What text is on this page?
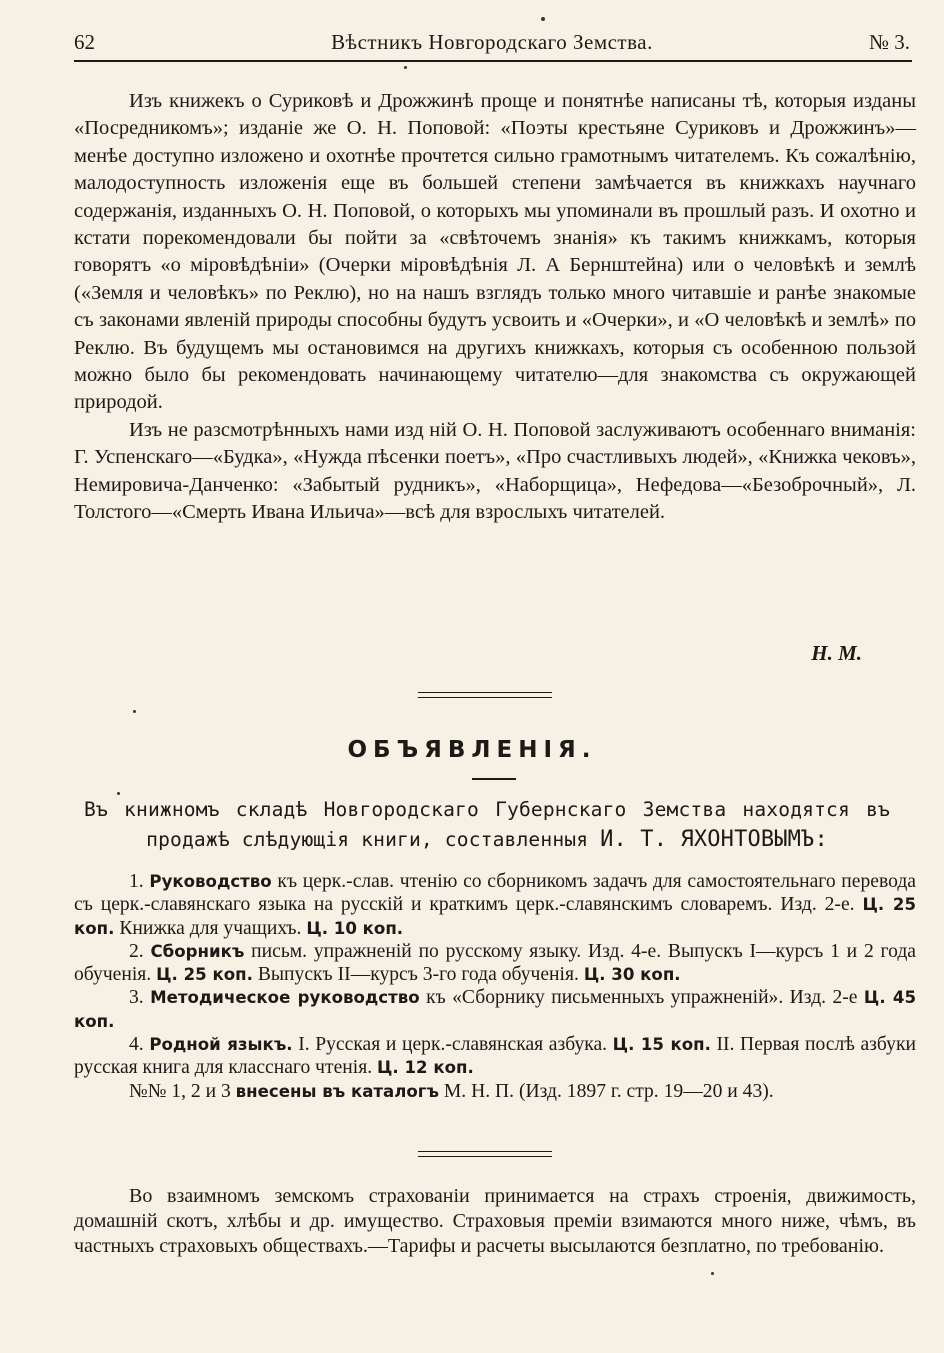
62	Вѣстникъ Новгородскаго Земства.	№ 3.

Изъ книжекъ о Суриковѣ и Дрожжинѣ проще и понятнѣе написаны тѣ, которыя изданы «Посредникомъ»; изданіе же О. Н. Поповой: «Поэты крестьяне Суриковъ и Дрожжинъ»—менѣе доступно изложено и охотнѣе прочтется сильно грамотнымъ читателемъ. Къ сожалѣнію, малодоступность изложенія еще въ большей степени замѣчается въ книжкахъ научнаго содержанія, изданныхъ О. Н. Поповой, о которыхъ мы упоминали въ прошлый разъ. И охотно и кстати порекомендовали бы пойти за «свѣточемъ знанія» къ такимъ книжкамъ, которыя говорятъ «о міровѣдѣніи» (Очерки міровѣдѣнія Л. А Бернштейна) или о человѣкѣ и землѣ («Земля и человѣкъ» по Реклю), но на нашъ взглядъ только много читавшіе и ранѣе знакомые съ законами явленій природы способны будутъ усвоить и «Очерки», и «О человѣкѣ и землѣ» по Реклю. Въ будущемъ мы остановимся на другихъ книжкахъ, которыя съ особенною пользой можно было бы рекомендовать начинающему читателю—для знакомства съ окружающей природой.

Изъ не разсмотрѣнныхъ нами изд ній О. Н. Поповой заслуживаютъ особеннаго вниманія: Г. Успенскаго—«Будка», «Нужда пѣсенки поетъ», «Про счастливыхъ людей», «Книжка чековъ», Немировича-Данченко: «Забытый рудникъ», «Наборщица», Нефедова—«Безоброчный», Л. Толстого—«Смерть Ивана Ильича»—всѣ для взрослыхъ читателей.

Н. М.
ОБЪЯВЛЕНІЯ.
Въ книжномъ складѣ Новгородскаго Губернскаго Земства находятся въ продажѣ слѣдующія книги, составленныя И. Т. ЯХОНТОВЫМЪ:

1. Руководство къ церк.-слав. чтенію со сборникомъ задачъ для самостоятельнаго перевода съ церк.-славянскаго языка на русскій и краткимъ церк.-славянскимъ словаремъ. Изд. 2-е. Ц. 25 коп. Книжка для учащихъ. Ц. 10 коп.

2. Сборникъ письм. упражненій по русскому языку. Изд. 4-е. Выпускъ I—курсъ 1 и 2 года обученія. Ц. 25 коп. Выпускъ II—курсъ 3-го года обученія. Ц. 30 коп.

3. Методическое руководство къ «Сборнику письменныхъ упражненій». Изд. 2-е Ц. 45 коп.

4. Родной языкъ. I. Русская и церк.-славянская азбука. Ц. 15 коп. II. Первая послѣ азбуки русская книга для класснаго чтенія. Ц. 12 коп.

№№ 1, 2 и 3 внесены въ каталогъ М. Н. П. (Изд. 1897 г. стр. 19—20 и 43).

Во взаимномъ земскомъ страхованіи принимается на страхъ строенія, движимость, домашній скотъ, хлѣбы и др. имущество. Страховыя преміи взимаются много ниже, чѣмъ, въ частныхъ страховыхъ обществахъ.—Тарифы и расчеты высылаются безплатно, по требованію.
